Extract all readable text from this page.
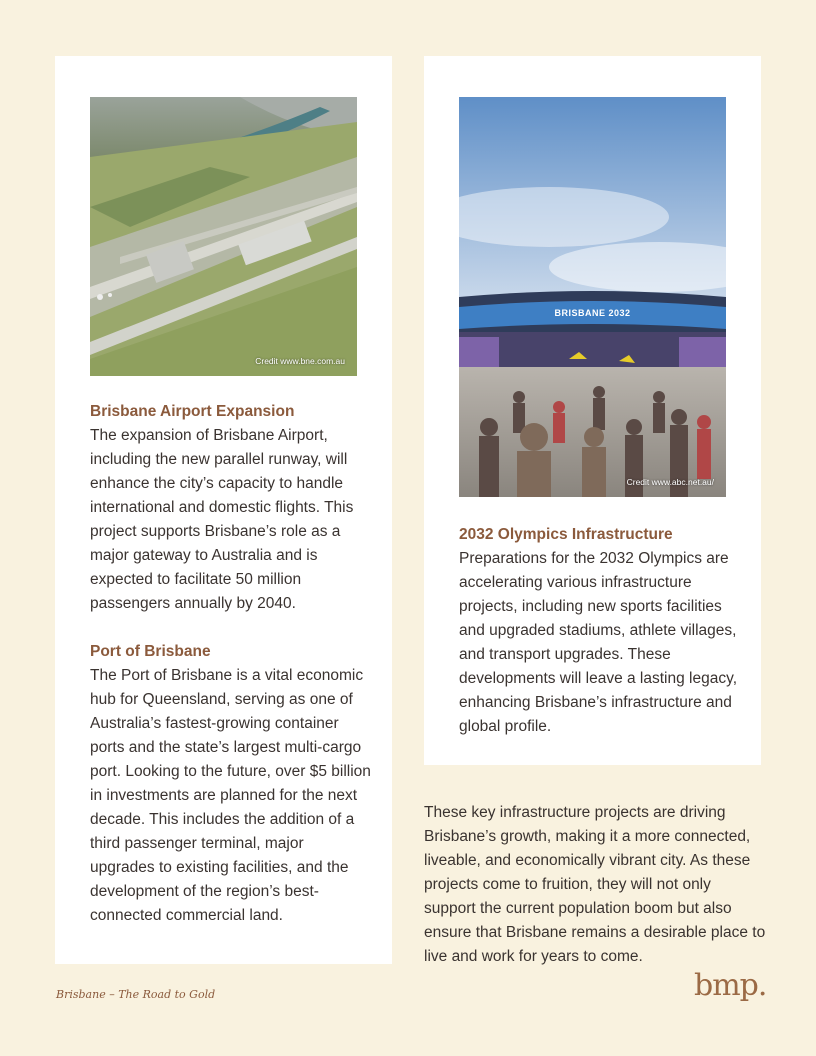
Credit www.bne.com.au
Brisbane Airport Expansion

The expansion of Brisbane Airport, including the new parallel runway, will enhance the city’s capacity to handle international and domestic flights. This project supports Brisbane’s role as a major gateway to Australia and is expected to facilitate 50 million passengers annually by 2040.

Port of Brisbane

The Port of Brisbane is a vital economic hub for Queensland, serving as one of Australia’s fastest-growing container ports and the state’s largest multi-cargo port. Looking to the future, over $5 billion in investments are planned for the next decade. This includes the addition of a third passenger terminal, major upgrades to existing facilities, and the development of the region’s best-connected commercial land.

BRISBANE 2032
Credit www.abc.net.au/
2032 Olympics Infrastructure

Preparations for the 2032 Olympics are accelerating various infrastructure projects, including new sports facilities and upgraded stadiums, athlete villages, and transport upgrades. These developments will leave a lasting legacy, enhancing Brisbane’s infrastructure and global profile.

These key infrastructure projects are driving Brisbane’s growth, making it a more connected, liveable, and economically vibrant city. As these projects come to fruition, they will not only support the current population boom but also ensure that Brisbane remains a desirable place to live and work for years to come.

Brisbane – The Road to Gold	bmp.
